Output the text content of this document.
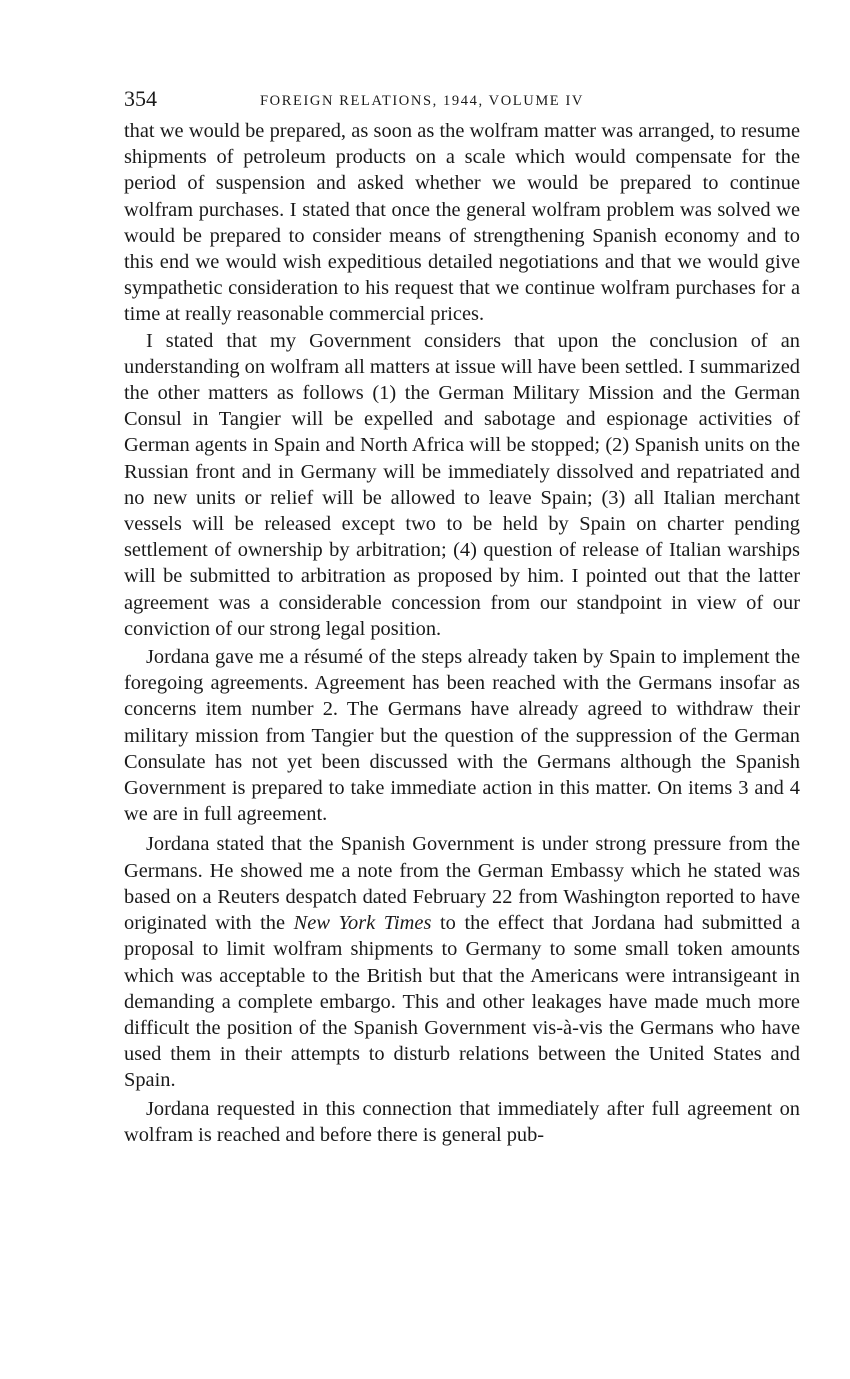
354	FOREIGN RELATIONS, 1944, VOLUME IV

that we would be prepared, as soon as the wolfram matter was arranged, to resume shipments of petroleum products on a scale which would compensate for the period of suspension and asked whether we would be prepared to continue wolfram purchases. I stated that once the general wolfram problem was solved we would be prepared to consider means of strengthening Spanish economy and to this end we would wish expeditious detailed negotiations and that we would give sympathetic consideration to his request that we continue wolfram purchases for a time at really reasonable commercial prices.

I stated that my Government considers that upon the conclusion of an understanding on wolfram all matters at issue will have been settled. I summarized the other matters as follows (1) the German Military Mission and the German Consul in Tangier will be expelled and sabotage and espionage activities of German agents in Spain and North Africa will be stopped; (2) Spanish units on the Russian front and in Germany will be immediately dissolved and repatriated and no new units or relief will be allowed to leave Spain; (3) all Italian merchant vessels will be released except two to be held by Spain on charter pending settlement of ownership by arbitration; (4) question of release of Italian warships will be submitted to arbitration as proposed by him. I pointed out that the latter agreement was a considerable concession from our standpoint in view of our conviction of our strong legal position.

Jordana gave me a résumé of the steps already taken by Spain to implement the foregoing agreements. Agreement has been reached with the Germans insofar as concerns item number 2. The Germans have already agreed to withdraw their military mission from Tangier but the question of the suppression of the German Consulate has not yet been discussed with the Germans although the Spanish Government is prepared to take immediate action in this matter. On items 3 and 4 we are in full agreement.

Jordana stated that the Spanish Government is under strong pressure from the Germans. He showed me a note from the German Embassy which he stated was based on a Reuters despatch dated February 22 from Washington reported to have originated with the New York Times to the effect that Jordana had submitted a proposal to limit wolfram shipments to Germany to some small token amounts which was acceptable to the British but that the Americans were intransigeant in demanding a complete embargo. This and other leakages have made much more difficult the position of the Spanish Government vis-à-vis the Germans who have used them in their attempts to disturb relations between the United States and Spain.

Jordana requested in this connection that immediately after full agreement on wolfram is reached and before there is general pub-
